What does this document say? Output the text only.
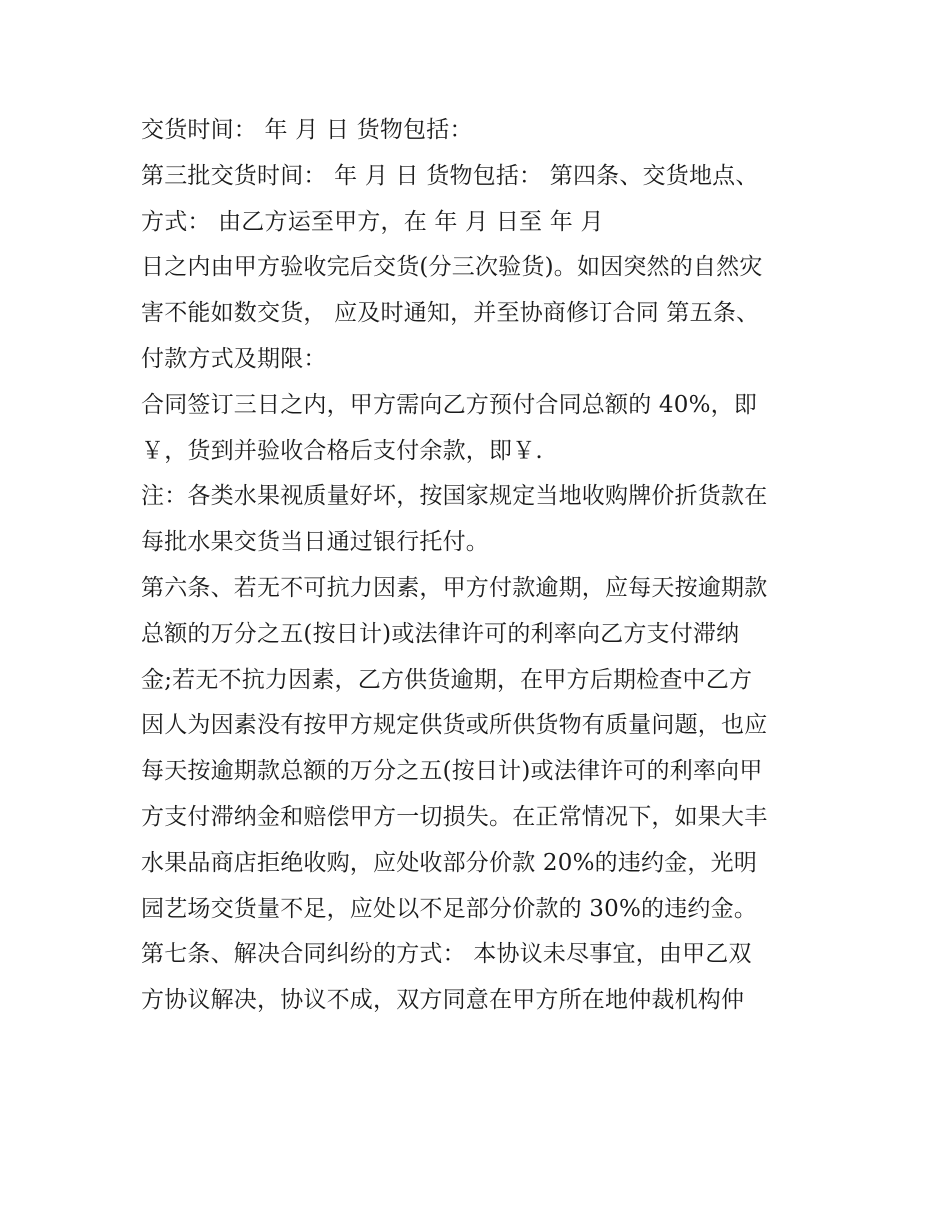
交货时间： 年 月 日 货物包括：
第三批交货时间： 年 月 日 货物包括： 第四条、交货地点、
方式： 由乙方运至甲方，在 年 月 日至 年 月
日之内由甲方验收完后交货(分三次验货)。如因突然的自然灾
害不能如数交货， 应及时通知，并至协商修订合同 第五条、
付款方式及期限：
合同签订三日之内，甲方需向乙方预付合同总额的 40%，即
￥，货到并验收合格后支付余款，即￥.
注：各类水果视质量好坏，按国家规定当地收购牌价折货款在
每批水果交货当日通过银行托付。
第六条、若无不可抗力因素，甲方付款逾期，应每天按逾期款
总额的万分之五(按日计)或法律许可的利率向乙方支付滞纳
金;若无不抗力因素，乙方供货逾期，在甲方后期检查中乙方
因人为因素没有按甲方规定供货或所供货物有质量问题，也应
每天按逾期款总额的万分之五(按日计)或法律许可的利率向甲
方支付滞纳金和赔偿甲方一切损失。在正常情况下，如果大丰
水果品商店拒绝收购，应处收部分价款 20%的违约金，光明
园艺场交货量不足，应处以不足部分价款的 30%的违约金。
第七条、解决合同纠纷的方式： 本协议未尽事宜，由甲乙双
方协议解决，协议不成，双方同意在甲方所在地仲裁机构仲
